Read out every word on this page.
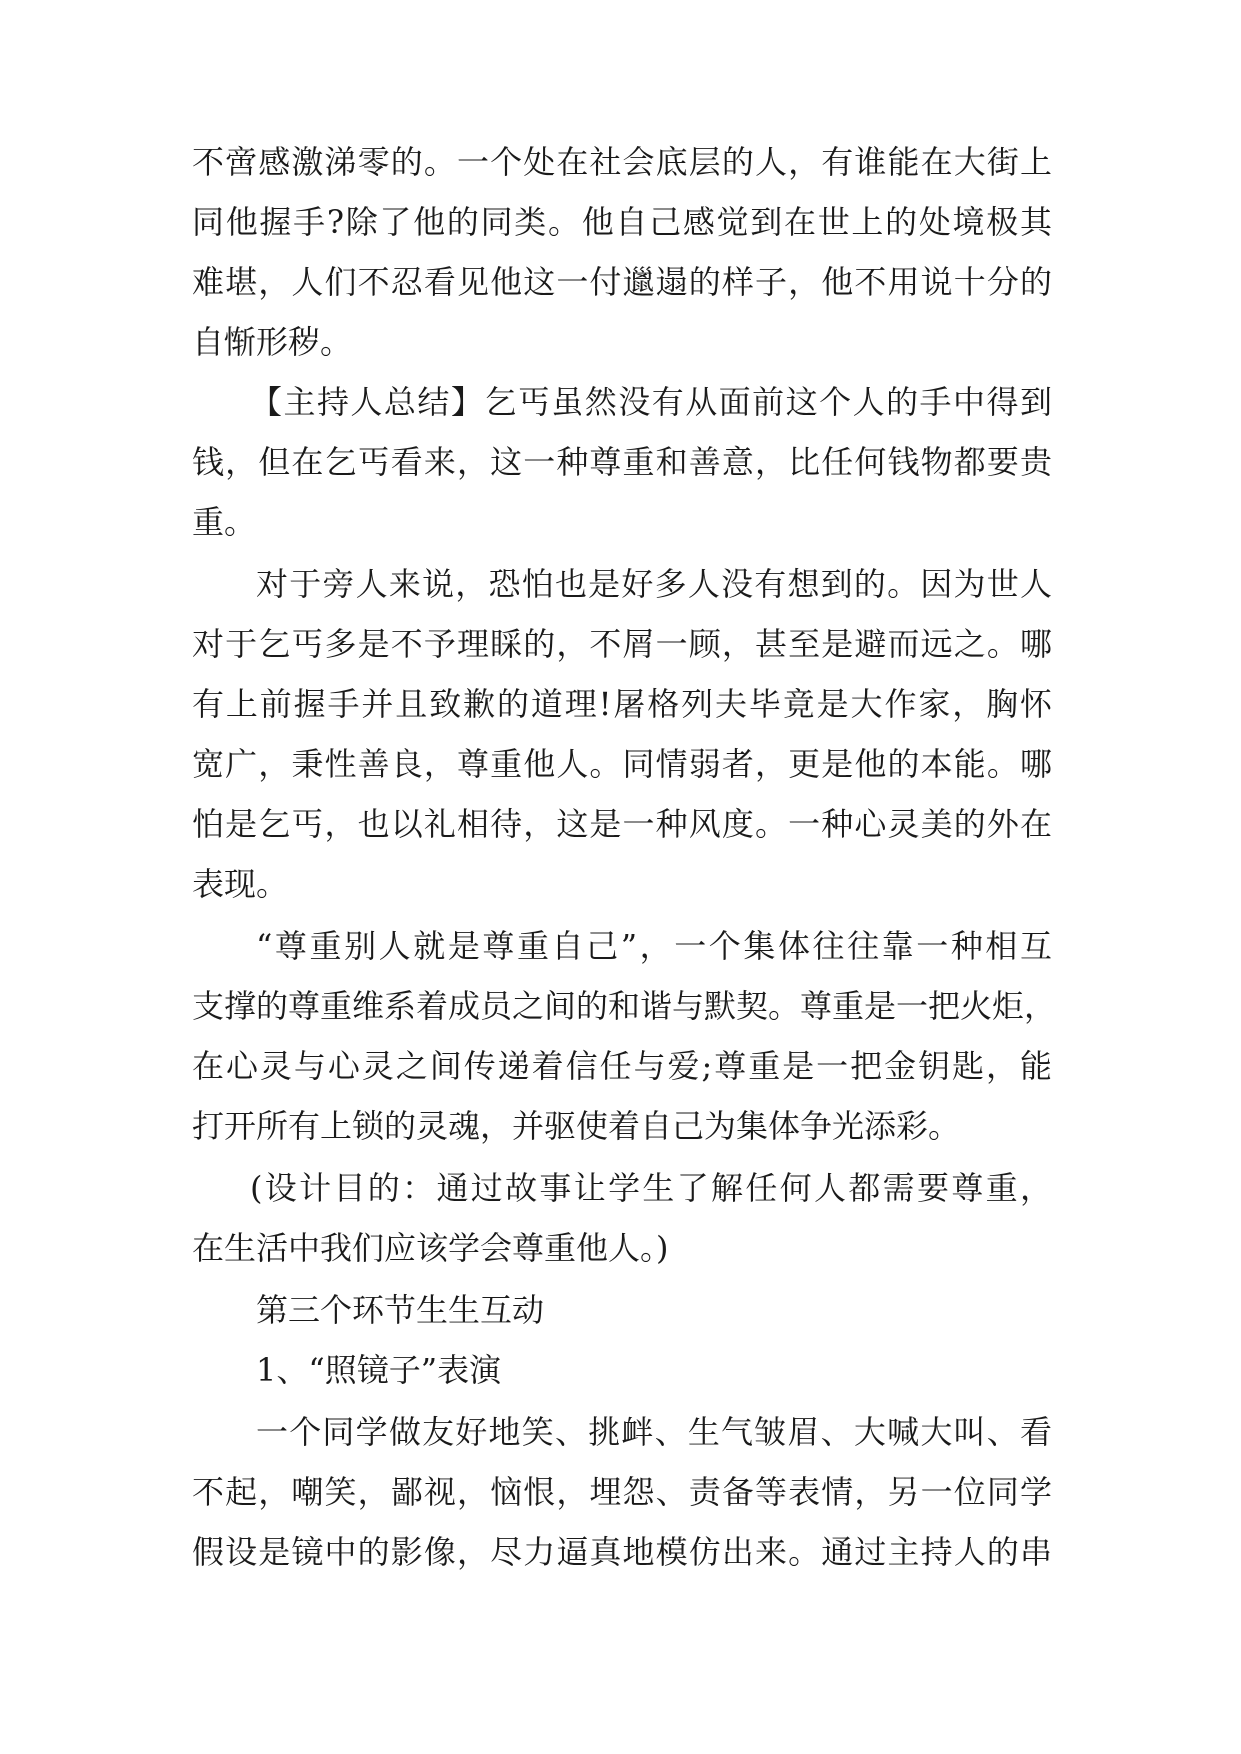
不啻感激涕零的。一个处在社会底层的人，有谁能在大街上
同他握手?除了他的同类。他自己感觉到在世上的处境极其
难堪，人们不忍看见他这一付邋遢的样子，他不用说十分的
自惭形秽。
【主持人总结】乞丐虽然没有从面前这个人的手中得到
钱，但在乞丐看来，这一种尊重和善意，比任何钱物都要贵
重。
对于旁人来说，恐怕也是好多人没有想到的。因为世人
对于乞丐多是不予理睬的，不屑一顾，甚至是避而远之。哪
有上前握手并且致歉的道理!屠格列夫毕竟是大作家，胸怀
宽广，秉性善良，尊重他人。同情弱者，更是他的本能。哪
怕是乞丐，也以礼相待，这是一种风度。一种心灵美的外在
表现。
“尊重别人就是尊重自己”，一个集体往往靠一种相互
支撑的尊重维系着成员之间的和谐与默契。尊重是一把火炬，
在心灵与心灵之间传递着信任与爱;尊重是一把金钥匙，能
打开所有上锁的灵魂，并驱使着自己为集体争光添彩。
(设计目的：通过故事让学生了解任何人都需要尊重，
在生活中我们应该学会尊重他人。)
第三个环节生生互动
1、“照镜子”表演
一个同学做友好地笑、挑衅、生气皱眉、大喊大叫、看
不起，嘲笑，鄙视，恼恨，埋怨、责备等表情，另一位同学
假设是镜中的影像，尽力逼真地模仿出来。通过主持人的串
